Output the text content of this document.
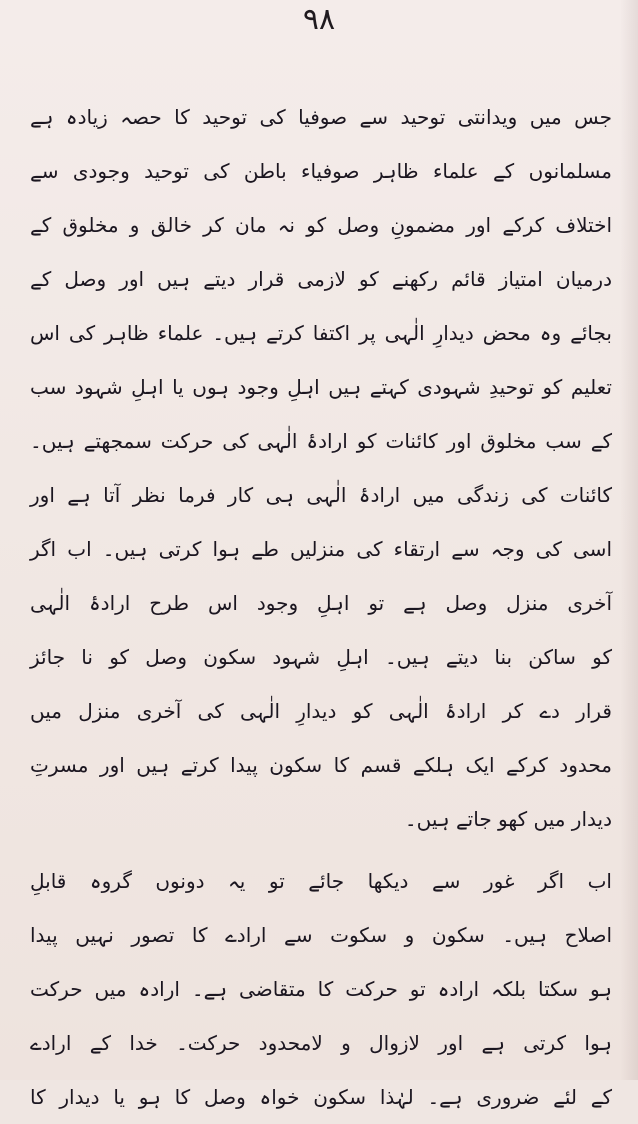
۹۸
جس میں ویدانتی توحید سے صوفیا کی توحید کا حصہ زیادہ ہے
مسلمانوں کے علماء ظاہر صوفیاء باطن کی توحید وجودی سے
اختلاف کرکے اور مضمونِ وصل کو نہ مان کر خالق و مخلوق کے
درمیان امتیاز قائم رکھنے کو لازمی قرار دیتے ہیں اور وصل کے
بجائے وہ محض دیدارِ الٰہی پر اکتفا کرتے ہیں۔ علماء ظاہر کی اس
تعلیم کو توحیدِ شہودی کہتے ہیں اہلِ وجود ہوں یا اہلِ شہود سب
کے سب مخلوق اور کائنات کو ارادۂ الٰہی کی حرکت سمجھتے ہیں۔
کائنات کی زندگی میں ارادۂ الٰہی ہی کار فرما نظر آتا ہے اور
اسی کی وجہ سے ارتقاء کی منزلیں طے ہوا کرتی ہیں۔ اب اگر
آخری منزل وصل ہے تو اہلِ وجود اس طرح ارادۂ الٰہی
کو ساکن بنا دیتے ہیں۔ اہلِ شہود سکون وصل کو نا جائز
قرار دے کر ارادۂ الٰہی کو دیدارِ الٰہی کی آخری منزل میں
محدود کرکے ایک ہلکے قسم کا سکون پیدا کرتے ہیں اور مسرتِ
دیدار میں کھو جاتے ہیں۔
اب اگر غور سے دیکھا جائے تو یہ دونوں گروہ قابلِ
اصلاح ہیں۔ سکون و سکوت سے ارادے کا تصور نہیں پیدا
ہو سکتا بلکہ ارادہ تو حرکت کا متقاضی ہے۔ ارادہ میں حرکت
ہوا کرتی ہے اور لازوال و لامحدود حرکت۔ خدا کے ارادے
کے لئے ضروری ہے۔ لہٰذا سکون خواہ وصل کا ہو یا دیدار کا
